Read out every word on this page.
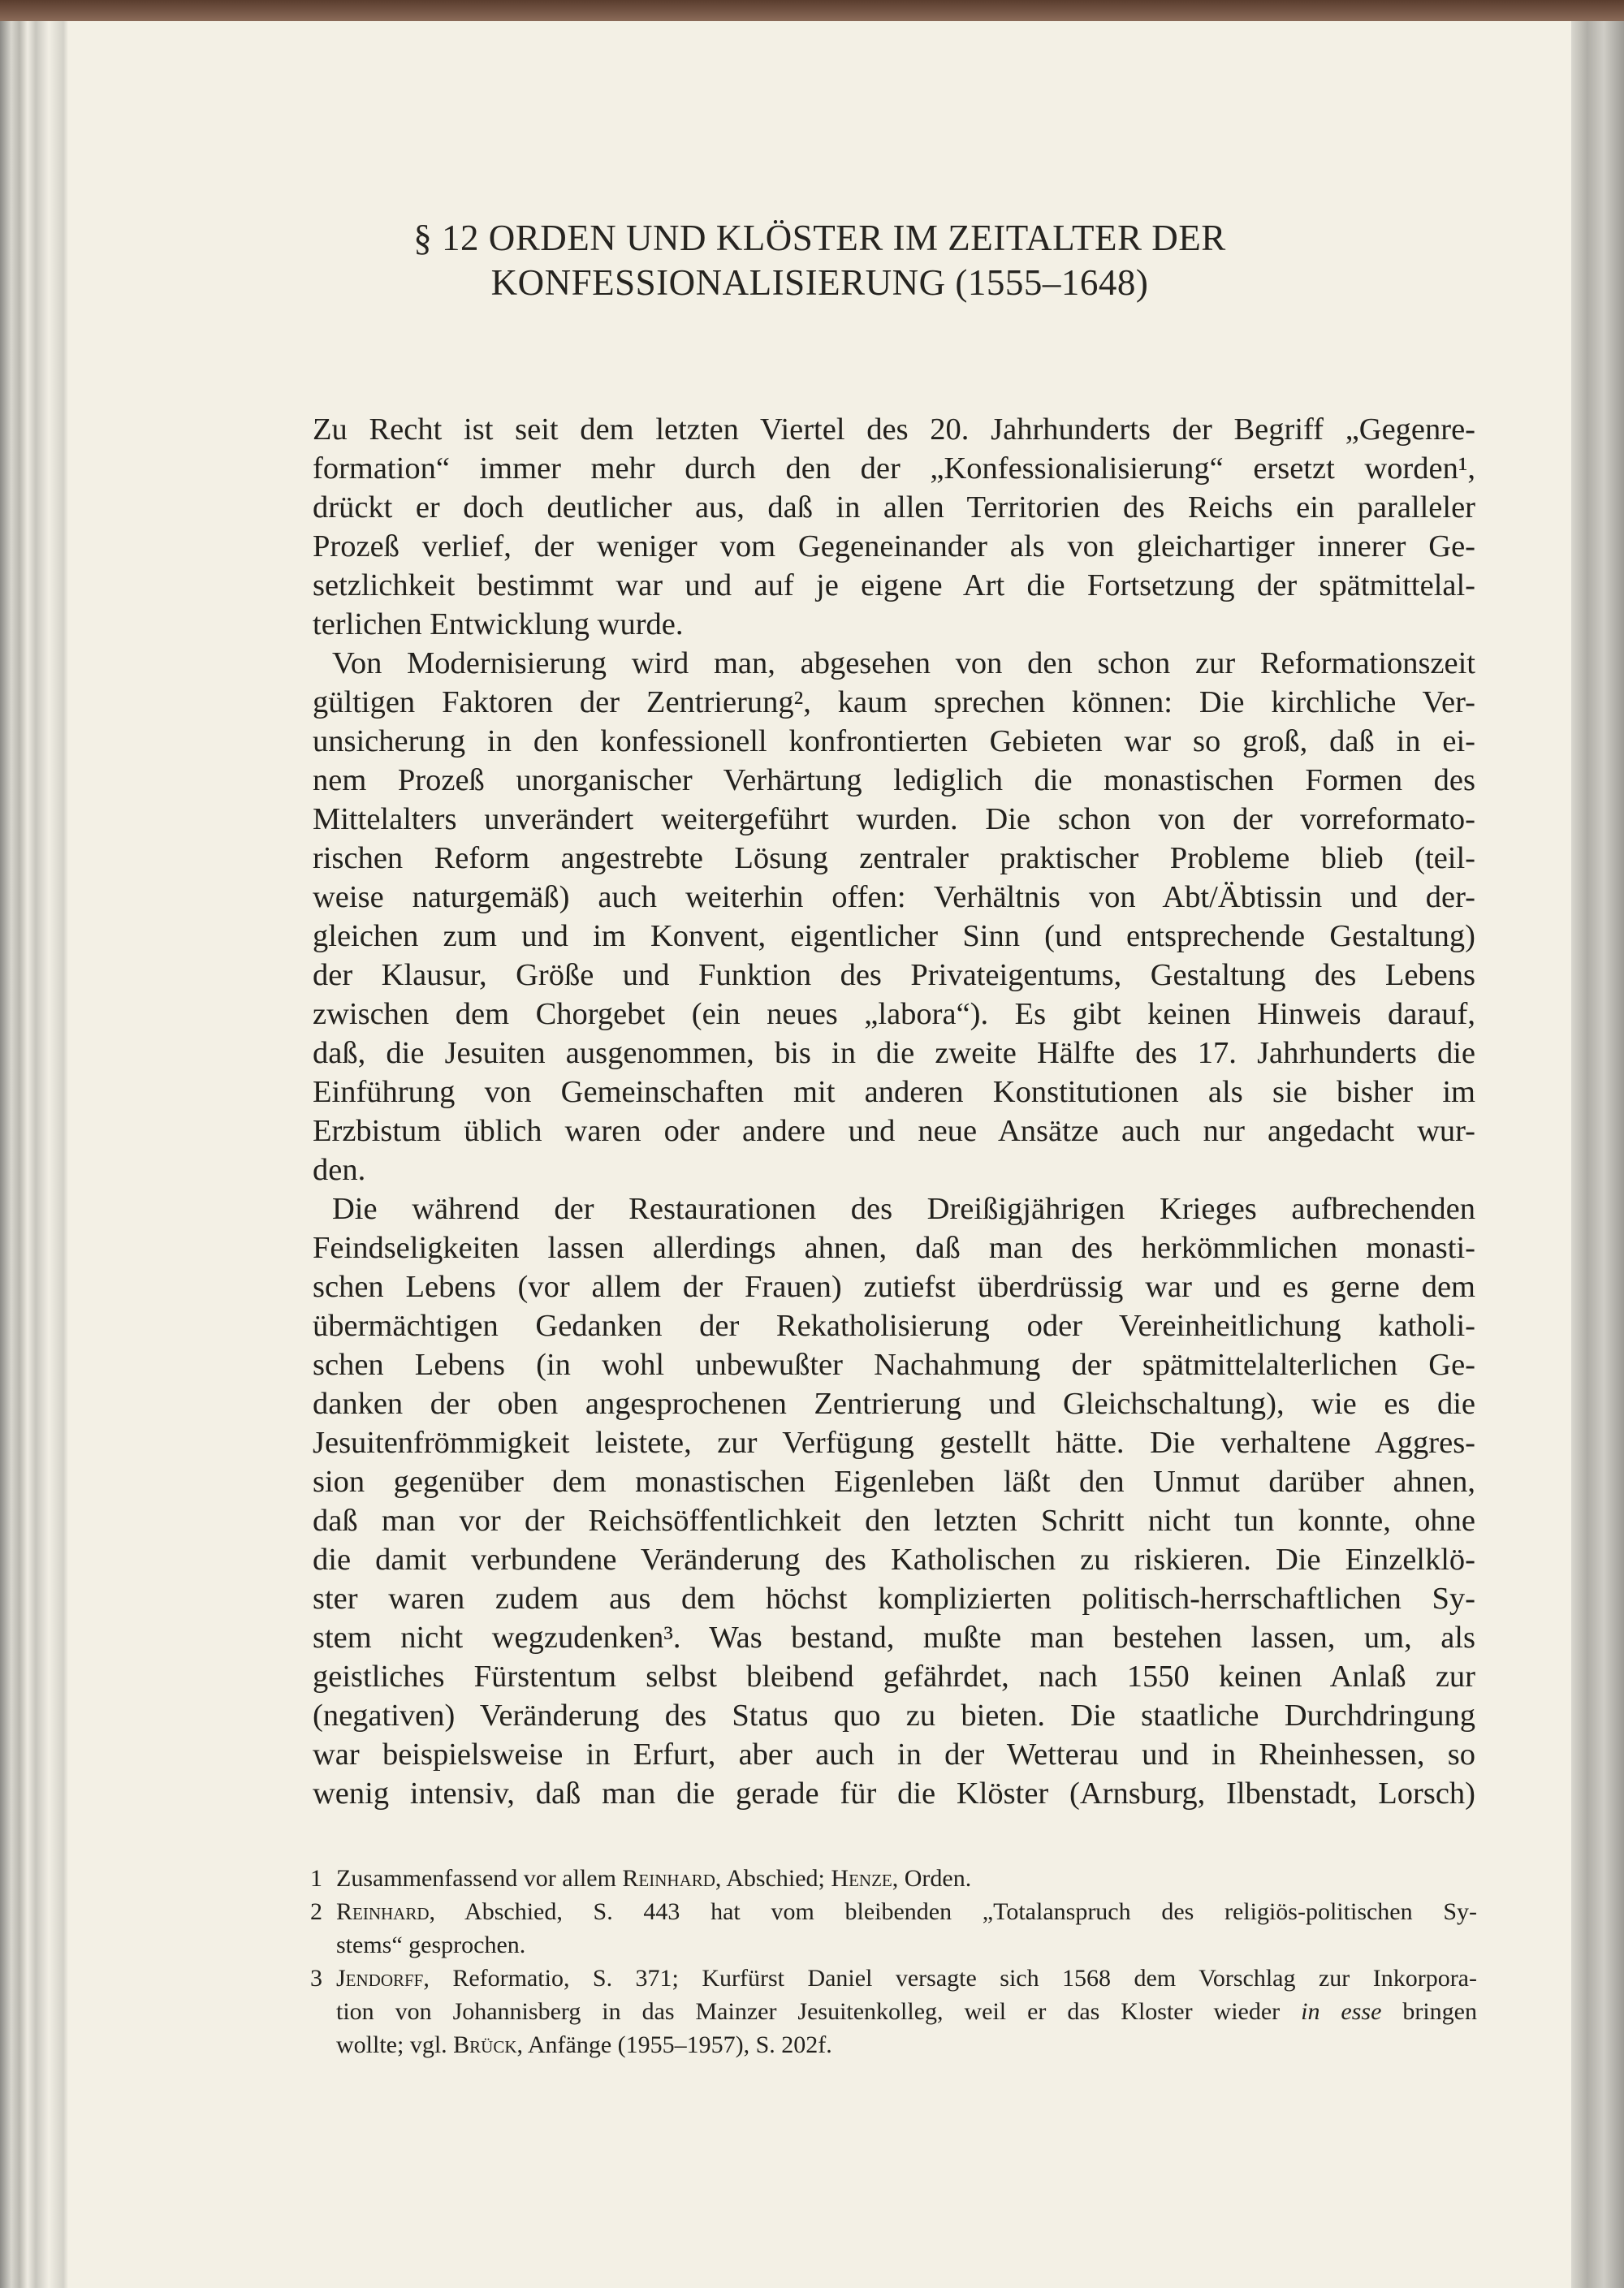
§ 12 ORDEN UND KLÖSTER IM ZEITALTER DER
KONFESSIONALISIERUNG (1555–1648)
Zu Recht ist seit dem letzten Viertel des 20. Jahrhunderts der Begriff „Gegenre-
formation“ immer mehr durch den der „Konfessionalisierung“ ersetzt worden¹,
drückt er doch deutlicher aus, daß in allen Territorien des Reichs ein paralleler
Prozeß verlief, der weniger vom Gegeneinander als von gleichartiger innerer Ge-
setzlichkeit bestimmt war und auf je eigene Art die Fortsetzung der spätmittelal-
terlichen Entwicklung wurde.
Von Modernisierung wird man, abgesehen von den schon zur Reformationszeit
gültigen Faktoren der Zentrierung², kaum sprechen können: Die kirchliche Ver-
unsicherung in den konfessionell konfrontierten Gebieten war so groß, daß in ei-
nem Prozeß unorganischer Verhärtung lediglich die monastischen Formen des
Mittelalters unverändert weitergeführt wurden. Die schon von der vorreformato-
rischen Reform angestrebte Lösung zentraler praktischer Probleme blieb (teil-
weise naturgemäß) auch weiterhin offen: Verhältnis von Abt/Äbtissin und der-
gleichen zum und im Konvent, eigentlicher Sinn (und entsprechende Gestaltung)
der Klausur, Größe und Funktion des Privateigentums, Gestaltung des Lebens
zwischen dem Chorgebet (ein neues „labora“). Es gibt keinen Hinweis darauf,
daß, die Jesuiten ausgenommen, bis in die zweite Hälfte des 17. Jahrhunderts die
Einführung von Gemeinschaften mit anderen Konstitutionen als sie bisher im
Erzbistum üblich waren oder andere und neue Ansätze auch nur angedacht wur-
den.
Die während der Restaurationen des Dreißigjährigen Krieges aufbrechenden
Feindseligkeiten lassen allerdings ahnen, daß man des herkömmlichen monasti-
schen Lebens (vor allem der Frauen) zutiefst überdrüssig war und es gerne dem
übermächtigen Gedanken der Rekatholisierung oder Vereinheitlichung katholi-
schen Lebens (in wohl unbewußter Nachahmung der spätmittelalterlichen Ge-
danken der oben angesprochenen Zentrierung und Gleichschaltung), wie es die
Jesuitenfrömmigkeit leistete, zur Verfügung gestellt hätte. Die verhaltene Aggres-
sion gegenüber dem monastischen Eigenleben läßt den Unmut darüber ahnen,
daß man vor der Reichsöffentlichkeit den letzten Schritt nicht tun konnte, ohne
die damit verbundene Veränderung des Katholischen zu riskieren. Die Einzelklö-
ster waren zudem aus dem höchst komplizierten politisch-herrschaftlichen Sy-
stem nicht wegzudenken³. Was bestand, mußte man bestehen lassen, um, als
geistliches Fürstentum selbst bleibend gefährdet, nach 1550 keinen Anlaß zur
(negativen) Veränderung des Status quo zu bieten. Die staatliche Durchdringung
war beispielsweise in Erfurt, aber auch in der Wetterau und in Rheinhessen, so
wenig intensiv, daß man die gerade für die Klöster (Arnsburg, Ilbenstadt, Lorsch)
1 Zusammenfassend vor allem Reinhard, Abschied; Henze, Orden.
2 Reinhard, Abschied, S. 443 hat vom bleibenden „Totalanspruch des religiös-politischen Sy-
stems“ gesprochen.
3 Jendorff, Reformatio, S. 371; Kurfürst Daniel versagte sich 1568 dem Vorschlag zur Inkorpora-
tion von Johannisberg in das Mainzer Jesuitenkolleg, weil er das Kloster wieder in esse bringen
wollte; vgl. Brück, Anfänge (1955–1957), S. 202f.
